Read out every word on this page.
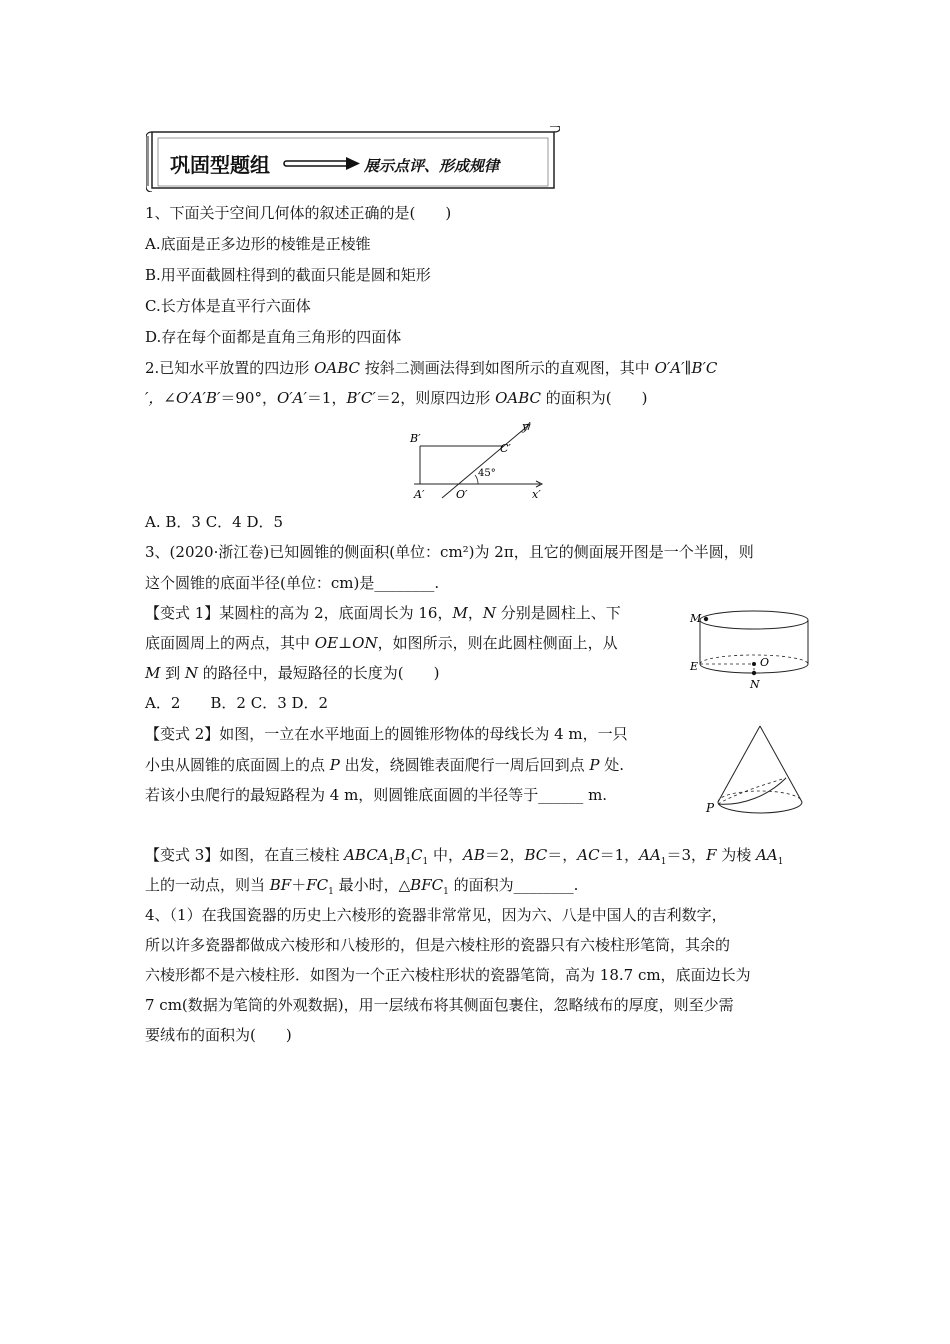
巩固型题组	展示点评、形成规律
1、下面关于空间几何体的叙述正确的是(　　)
A.底面是正多边形的棱锥是正棱锥
B.用平面截圆柱得到的截面只能是圆和矩形
C.长方体是直平行六面体
D.存在每个面都是直角三角形的四面体
2.已知水平放置的四边形 OABC 按斜二测画法得到如图所示的直观图，其中 O′A′∥B′C
′，∠O′A′B′＝90°，O′A′＝1，B′C′＝2，则原四边形 OABC 的面积为(　　)
B′
C′
A′	O′	x′
y′
45°
A. B．3 C．4 D．5
3、(2020·浙江卷)已知圆锥的侧面积(单位：cm²)为 2π，且它的侧面展开图是一个半圆，则
这个圆锥的底面半径(单位：cm)是________.
【变式 1】某圆柱的高为 2，底面周长为 16，M，N 分别是圆柱上、下
底面圆周上的两点，其中 OE⊥ON，如图所示，则在此圆柱侧面上，从
M 到 N 的路径中，最短路径的长度为(　　)
A．2　　B．2 C．3 D．2
M
E	O
N
【变式 2】如图，一立在水平地面上的圆锥形物体的母线长为 4 m，一只
小虫从圆锥的底面圆上的点 P 出发，绕圆锥表面爬行一周后回到点 P 处.
若该小虫爬行的最短路程为 4 m，则圆锥底面圆的半径等于______ m.
P
【变式 3】如图，在直三棱柱 $ABCA_1B_1C_1$ 中，AB＝2，BC＝，AC＝1，$AA_1=3$，F 为棱 $AA_1$
上的一动点，则当 $BF+FC_1$ 最小时，$\triangle BFC_1$ 的面积为________.
4、（1）在我国瓷器的历史上六棱形的瓷器非常常见，因为六、八是中国人的吉利数字，
所以许多瓷器都做成六棱形和八棱形的，但是六棱柱形的瓷器只有六棱柱形笔筒，其余的
六棱形都不是六棱柱形．如图为一个正六棱柱形状的瓷器笔筒，高为 18.7 cm，底面边长为
7 cm(数据为笔筒的外观数据)，用一层绒布将其侧面包裹住，忽略绒布的厚度，则至少需
要绒布的面积为(　　)
